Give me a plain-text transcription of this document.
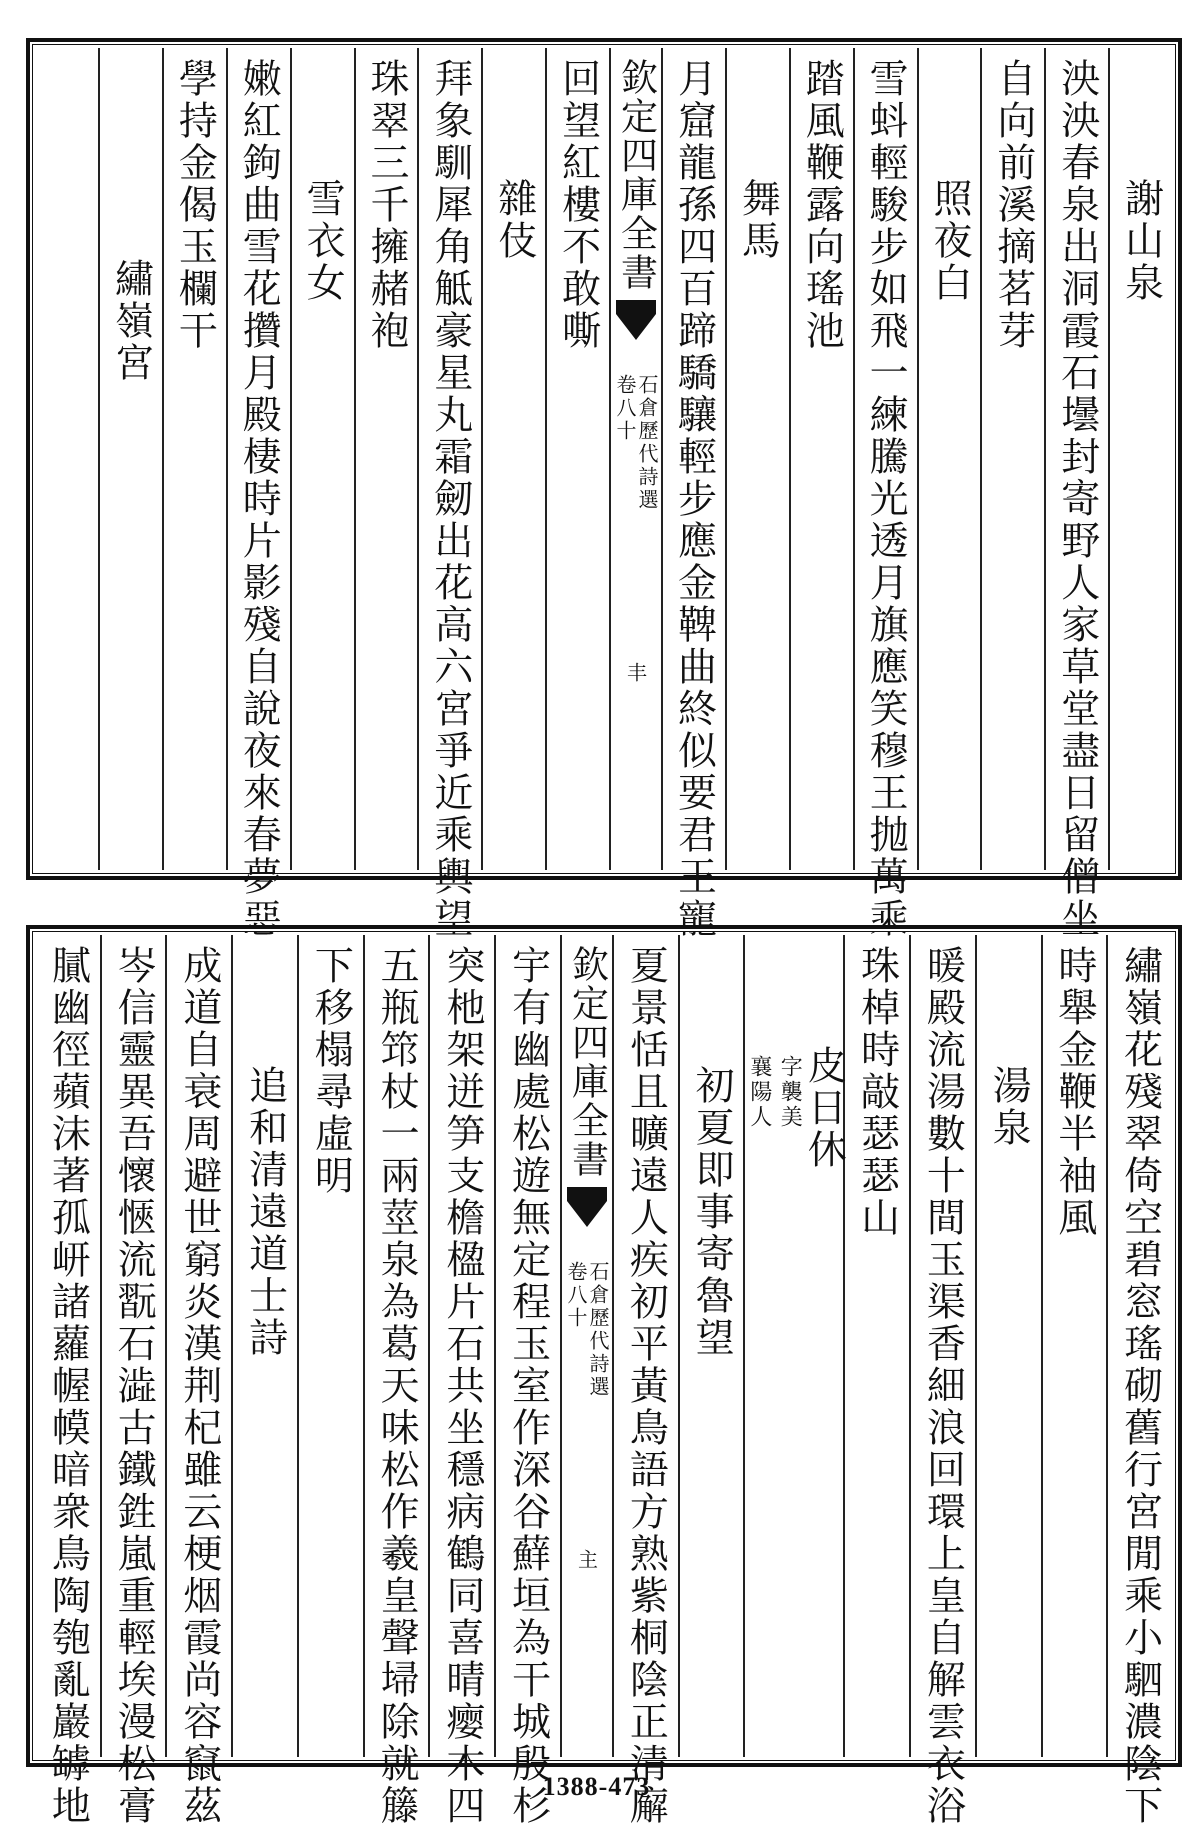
謝山泉
泱泱春泉出洞霞石壜封寄野人家草堂盡日留僧坐
自向前溪摘茗芽
照夜白
雪蚪輕駿步如飛一練騰光透月旗應笑穆王抛萬乘
踏風鞭露向瑤池
舞馬
月窟龍孫四百蹄驕驤輕步應金鞞曲終似要君王寵
欽定四庫全書
石倉歷代詩選
卷八十
丰
回望紅樓不敢嘶
雜伎
拜象馴犀角觝豪星丸霜劒出花高六宮爭近乘輿望
珠翠三千擁赭袍
雪衣女
嫩紅鉤曲雪花攢月殿棲時片影殘自說夜來春夢惡
學持金偈玉欄干
繡嶺宮
繡嶺花殘翠倚空碧窓瑤砌舊行宮閒乘小駟濃陰下
時舉金鞭半袖風
湯泉
暖殿流湯數十間玉渠香細浪回環上皇自解雲衣浴
珠棹時敲瑟瑟山
皮日休
字襲美
襄陽人
初夏即事寄魯望
夏景恬且曠遠人疾初平黃鳥語方熟紫桐陰正清廨
欽定四庫全書
石倉歷代詩選
卷八十
主
宇有幽處松遊無定程玉室作深谷蘚垣為干城殷杉
突杝架迸笋支檐楹片石共坐穩病鶴同喜晴瘿木四
五瓶筇杖一兩莖泉為葛天味松作羲皇聲埽除就籐
下移榻尋虛明
追和清遠道士詩
成道自衰周避世窮炎漢荆杞雖云梗烟霞尚容竄茲
岑信靈異吾懷愜流翫石澁古鐵鉎嵐重輕埃漫松膏
膩幽徑蘋沫著孤岍諸蘿幄幙暗衆鳥陶匏亂巖罅地	1388-473
